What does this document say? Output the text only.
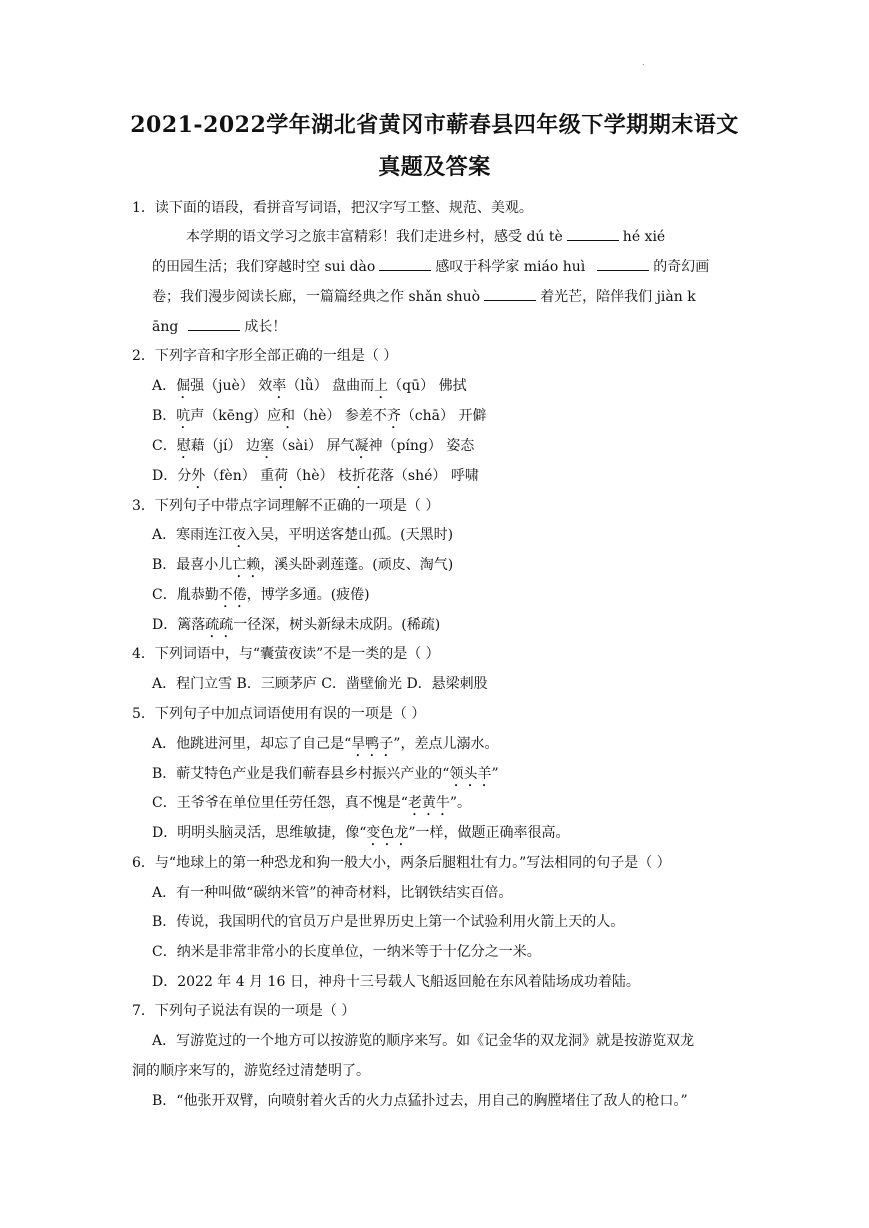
.
2021-2022学年湖北省黄冈市蕲春县四年级下学期期末语文
真题及答案
1．读下面的语段，看拼音写词语，把汉字写工整、规范、美观。
本学期的语文学习之旅丰富精彩！我们走进乡村，感受 dú tè	hé xié
的田园生活；我们穿越时空 sui dào	感叹于科学家 miáo huì	的奇幻画
卷；我们漫步阅读长廊，一篇篇经典之作 shǎn shuò	着光芒，陪伴我们 jiàn k
āng	成长！
2．下列字音和字形全部正确的一组是（ ）
A．倔强（juè） 效率（lǜ） 盘曲而上（qū） 佛拭
B．吭声（kēng）应和（hè） 参差不齐（chā） 开僻
C．慰藉（jí） 边塞（sài） 屏气凝神（píng） 姿态
D．分外（fèn） 重荷（hè） 枝折花落（shé） 呼啸
3．下列句子中带点字词理解不正确的一项是（ ）
A．寒雨连江夜入吴，平明送客楚山孤。(天黑时)
B．最喜小儿亡赖，溪头卧剥莲蓬。(顽皮、淘气)
C．胤恭勤不倦，博学多通。(疲倦)
D．篱落疏疏一径深，树头新绿未成阴。(稀疏)
4．下列词语中，与“囊萤夜读”不是一类的是（ ）
A．程门立雪 B．三顾茅庐 C．凿壁偷光 D．悬梁刺股
5．下列句子中加点词语使用有误的一项是（ ）
A．他跳进河里，却忘了自己是“旱鸭子”，差点儿溺水。
B．蕲艾特色产业是我们蕲春县乡村振兴产业的“领头羊”
C．王爷爷在单位里任劳任怨，真不愧是“老黄牛”。
D．明明头脑灵活，思维敏捷，像“变色龙”一样，做题正确率很高。
6．与“地球上的第一种恐龙和狗一般大小，两条后腿粗壮有力。”写法相同的句子是（ ）
A．有一种叫做“碳纳米管”的神奇材料，比钢铁结实百倍。
B．传说，我国明代的官员万户是世界历史上第一个试验利用火箭上天的人。
C．纳米是非常非常小的长度单位，一纳米等于十亿分之一米。
D．2022 年 4 月 16 日，神舟十三号载人飞船返回舱在东风着陆场成功着陆。
7．下列句子说法有误的一项是（ ）
A．写游览过的一个地方可以按游览的顺序来写。如《记金华的双龙洞》就是按游览双龙
洞的顺序来写的，游览经过清楚明了。
B．“他张开双臂，向喷射着火舌的火力点猛扑过去，用自己的胸膛堵住了敌人的枪口。”
